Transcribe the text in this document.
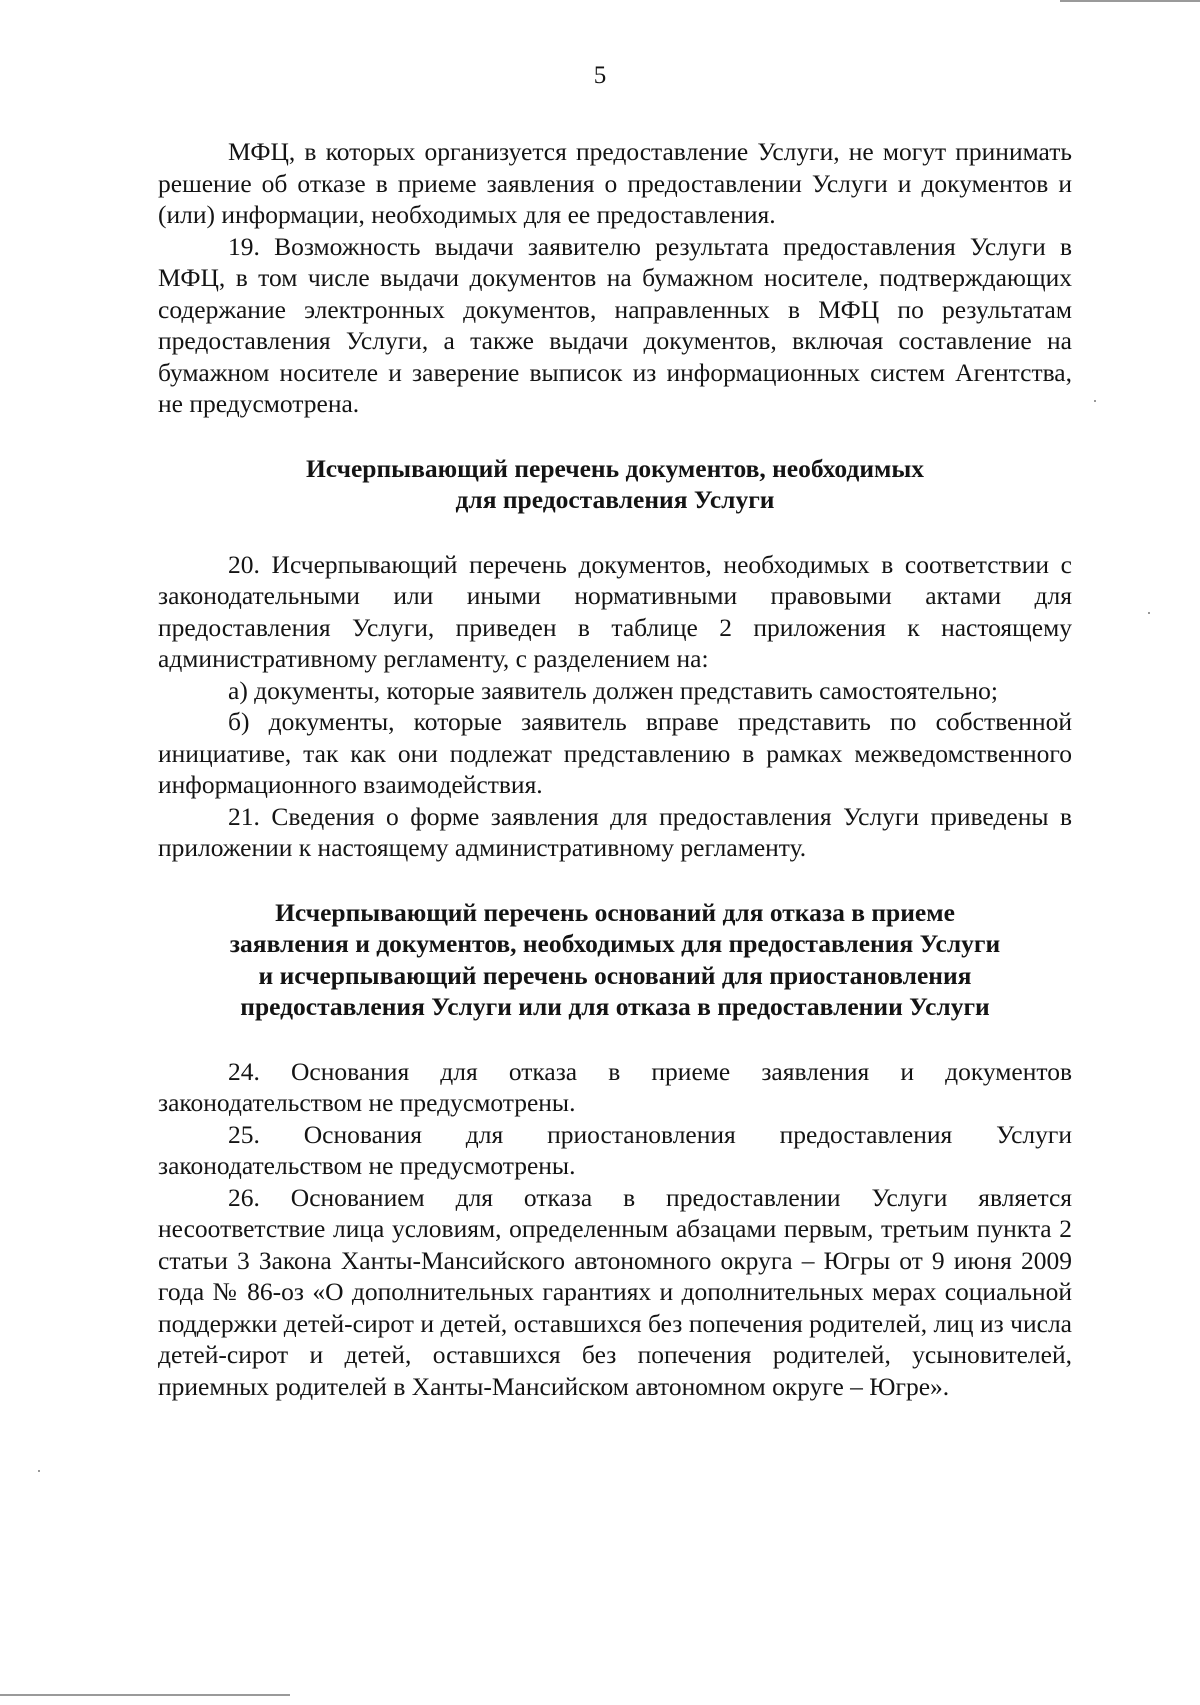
5

МФЦ, в которых организуется предоставление Услуги, не могут принимать решение об отказе в приеме заявления о предоставлении Услуги и документов и (или) информации, необходимых для ее предоставления.

19. Возможность выдачи заявителю результата предоставления Услуги в МФЦ, в том числе выдачи документов на бумажном носителе, подтверждающих содержание электронных документов, направленных в МФЦ по результатам предоставления Услуги, а также выдачи документов, включая составление на бумажном носителе и заверение выписок из информационных систем Агентства, не предусмотрена.

Исчерпывающий перечень документов, необходимых
для предоставления Услуги

20. Исчерпывающий перечень документов, необходимых в соответствии с законодательными или иными нормативными правовыми актами для предоставления Услуги, приведен в таблице 2 приложения к настоящему административному регламенту, с разделением на:

а) документы, которые заявитель должен представить самостоятельно;

б) документы, которые заявитель вправе представить по собственной инициативе, так как они подлежат представлению в рамках межведомственного информационного взаимодействия.

21. Сведения о форме заявления для предоставления Услуги приведены в приложении к настоящему административному регламенту.

Исчерпывающий перечень оснований для отказа в приеме
заявления и документов, необходимых для предоставления Услуги
и исчерпывающий перечень оснований для приостановления
предоставления Услуги или для отказа в предоставлении Услуги

24. Основания для отказа в приеме заявления и документов законодательством не предусмотрены.

25. Основания для приостановления предоставления Услуги законодательством не предусмотрены.

26. Основанием для отказа в предоставлении Услуги является несоответствие лица условиям, определенным абзацами первым, третьим пункта 2 статьи 3 Закона Ханты-Мансийского автономного округа – Югры от 9 июня 2009 года № 86-оз «О дополнительных гарантиях и дополнительных мерах социальной поддержки детей-сирот и детей, оставшихся без попечения родителей, лиц из числа детей-сирот и детей, оставшихся без попечения родителей, усыновителей, приемных родителей в Ханты-Мансийском автономном округе – Югре».
